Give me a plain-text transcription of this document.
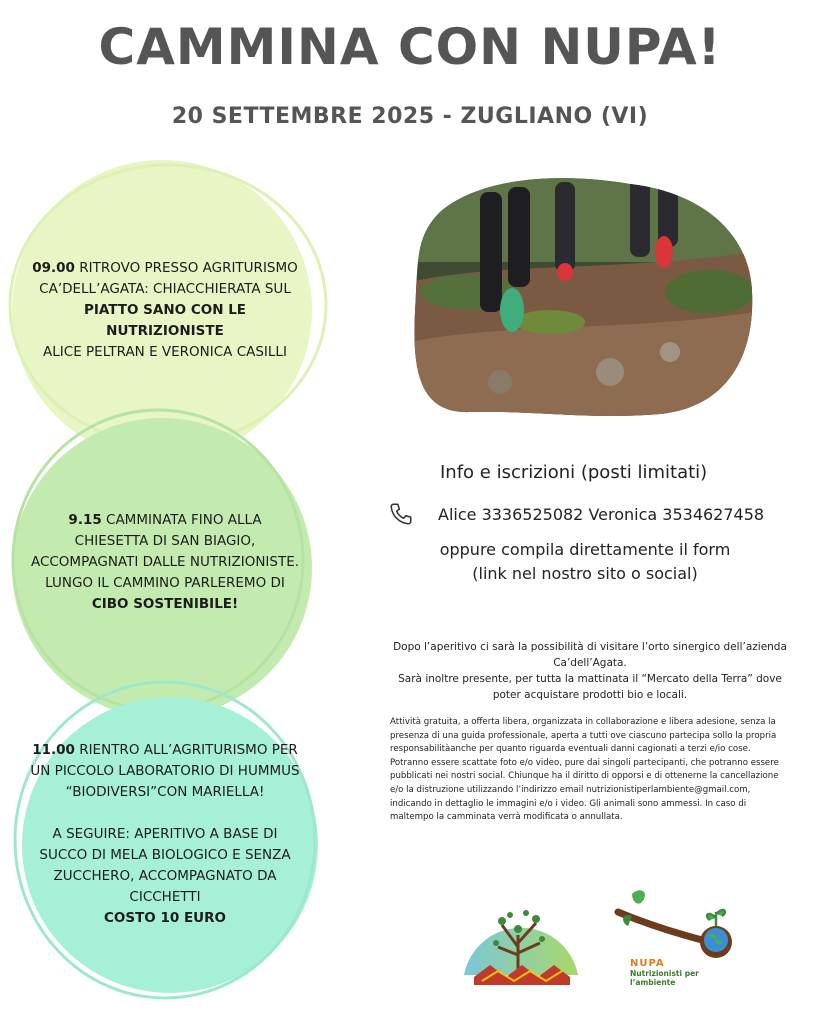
CAMMINA CON NUPA!
20 SETTEMBRE 2025 - ZUGLIANO (VI)
09.00 RITROVO PRESSO AGRITURISMO CA’DELL’AGATA: CHIACCHIERATA SUL PIATTO SANO CON LE NUTRIZIONISTE
ALICE PELTRAN E VERONICA CASILLI
9.15 CAMMINATA FINO ALLA CHIESETTA DI SAN BIAGIO, ACCOMPAGNATI DALLE NUTRIZIONISTE.
LUNGO IL CAMMINO PARLEREMO DI CIBO SOSTENIBILE!
11.00 RIENTRO ALL’AGRITURISMO PER UN PICCOLO LABORATORIO DI HUMMUS “BIODIVERSI”CON MARIELLA!

A SEGUIRE: APERITIVO A BASE DI SUCCO DI MELA BIOLOGICO E SENZA ZUCCHERO, ACCOMPAGNATO DA CICCHETTI
COSTO 10 EURO
Info e iscrizioni (posti limitati)
Alice 3336525082 Veronica 3534627458
oppure compila direttamente il form
(link nel nostro sito o social)
Dopo l’aperitivo ci sarà la possibilità di visitare l’orto sinergico dell’azienda Ca’dell’Agata.
Sarà inoltre presente, per tutta la mattinata il “Mercato della Terra” dove poter acquistare prodotti bio e locali.
Attività gratuita, a offerta libera, organizzata in collaborazione e libera adesione, senza la presenza di una guida professionale, aperta a tutti ove ciascuno partecipa sollo la propria responsabilitàanche per quanto riguarda eventuali danni cagionati a terzi e/io cose. Potranno essere scattate foto e/o video, pure dai singoli partecipanti, che potranno essere pubblicati nei nostri social. Chiunque ha il diritto di opporsi e di ottenerne la cancellazione e/o la distruzione utilizzando l’indirizzo email nutrizionistiperlambiente@gmail.com, indicando in dettaglio le immagini e/o i video. Gli animali sono ammessi. In caso di maltempo la camminata verrà modificata o annullata.
NUPA
Nutrizionisti per l’ambiente
